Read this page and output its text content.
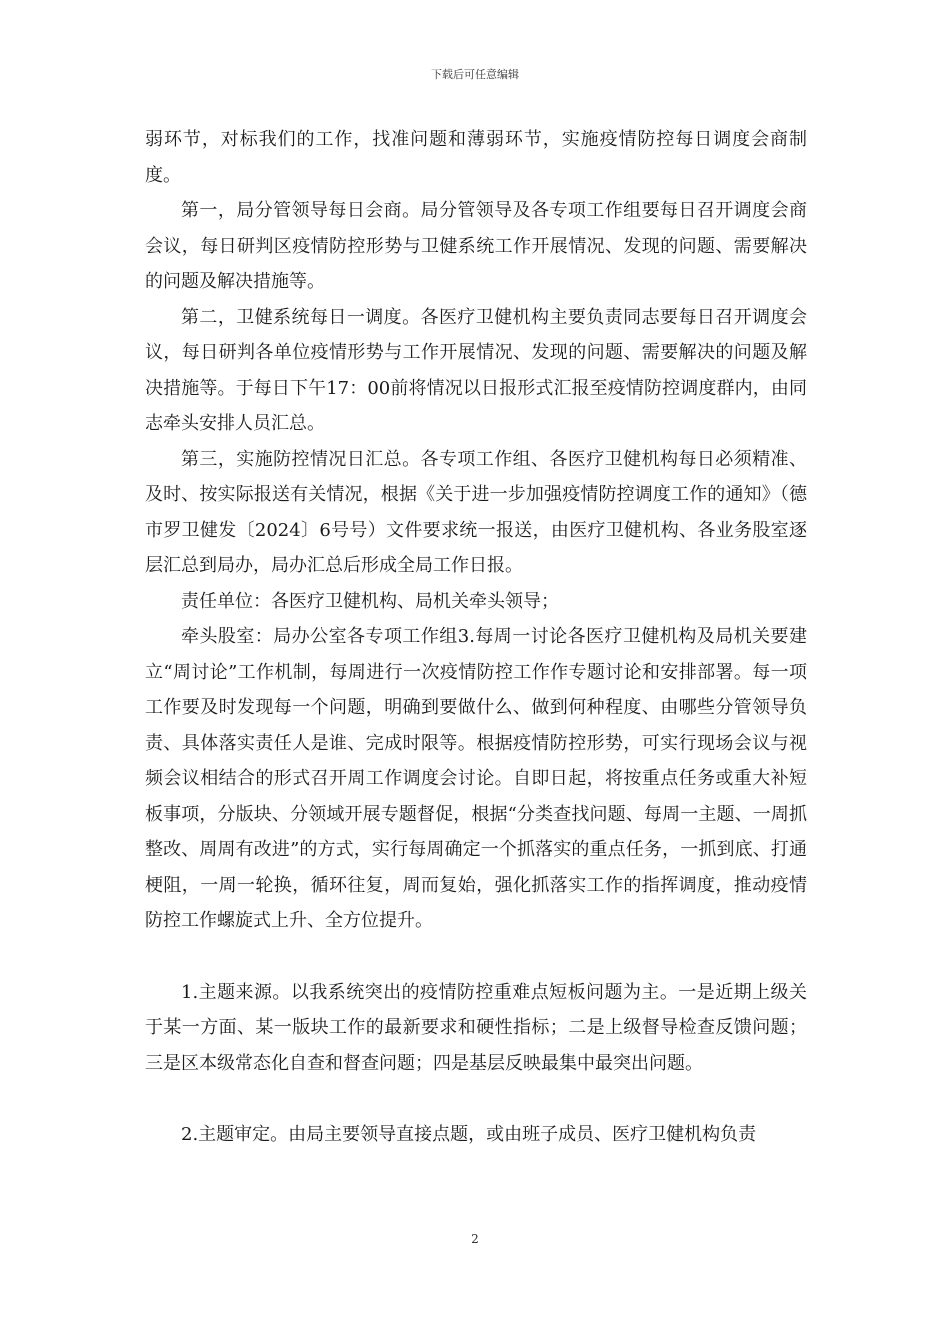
下载后可任意编辑

弱环节，对标我们的工作，找准问题和薄弱环节，实施疫情防控每日调度会商制度。

第一，局分管领导每日会商。局分管领导及各专项工作组要每日召开调度会商会议，每日研判区疫情防控形势与卫健系统工作开展情况、发现的问题、需要解决的问题及解决措施等。

第二，卫健系统每日一调度。各医疗卫健机构主要负责同志要每日召开调度会议，每日研判各单位疫情形势与工作开展情况、发现的问题、需要解决的问题及解决措施等。于每日下午17：00前将情况以日报形式汇报至疫情防控调度群内，由同志牵头安排人员汇总。

第三，实施防控情况日汇总。各专项工作组、各医疗卫健机构每日必须精准、及时、按实际报送有关情况，根据《关于进一步加强疫情防控调度工作的通知》（德市罗卫健发〔2024〕6号号）文件要求统一报送，由医疗卫健机构、各业务股室逐层汇总到局办，局办汇总后形成全局工作日报。

责任单位：各医疗卫健机构、局机关牵头领导；

牵头股室：局办公室各专项工作组3.每周一讨论各医疗卫健机构及局机关要建立“周讨论”工作机制，每周进行一次疫情防控工作作专题讨论和安排部署。每一项工作要及时发现每一个问题，明确到要做什么、做到何种程度、由哪些分管领导负责、具体落实责任人是谁、完成时限等。根据疫情防控形势，可实行现场会议与视频会议相结合的形式召开周工作调度会讨论。自即日起，将按重点任务或重大补短板事项，分版块、分领域开展专题督促，根据“分类查找问题、每周一主题、一周抓整改、周周有改进”的方式，实行每周确定一个抓落实的重点任务，一抓到底、打通梗阻，一周一轮换，循环往复，周而复始，强化抓落实工作的指挥调度，推动疫情防控工作螺旋式上升、全方位提升。

1.主题来源。以我系统突出的疫情防控重难点短板问题为主。一是近期上级关于某一方面、某一版块工作的最新要求和硬性指标；二是上级督导检查反馈问题；三是区本级常态化自查和督查问题；四是基层反映最集中最突出问题。

2.主题审定。由局主要领导直接点题，或由班子成员、医疗卫健机构负责

2
